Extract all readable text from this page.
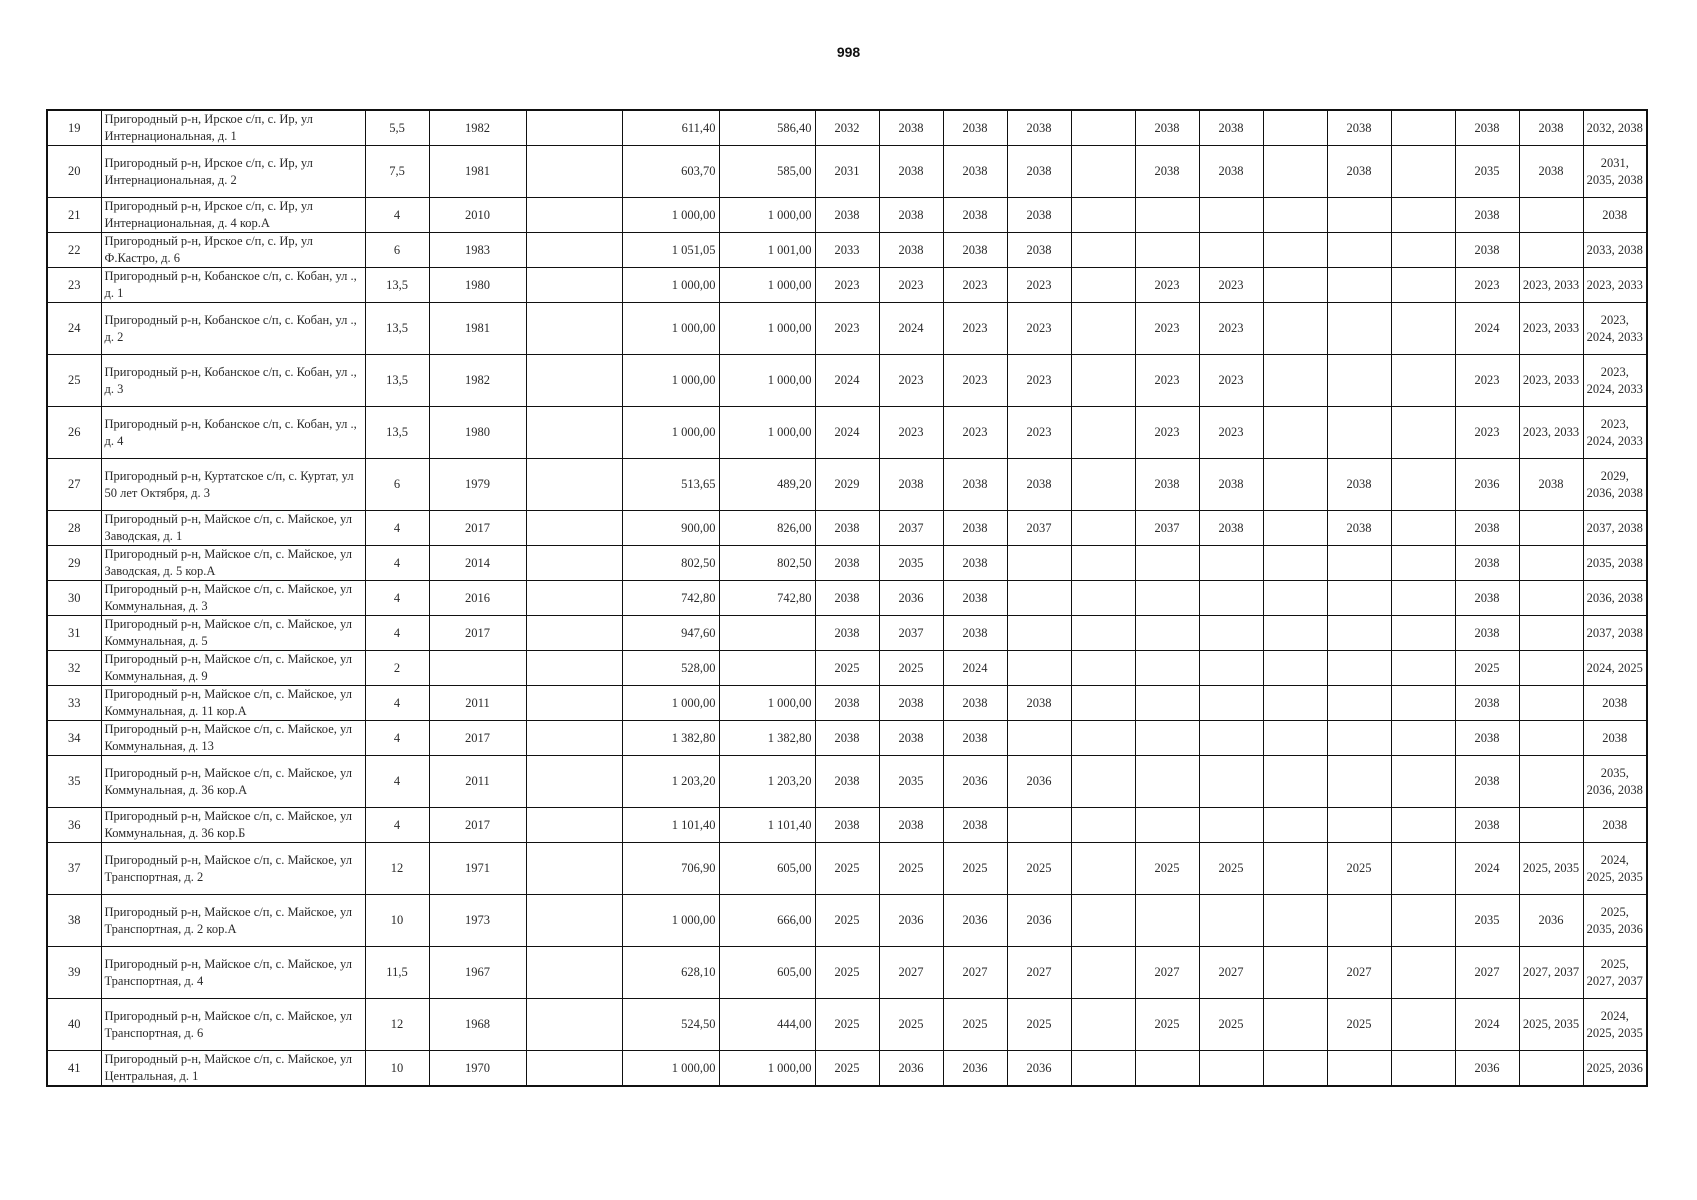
998
19	Пригородный р-н, Ирское с/п, с. Ир, ул Интернациональная, д. 1	5,5	1982		611,40	586,40	2032	2038	2038	2038		2038	2038		2038		2038	2038	2032, 2038
20	Пригородный р-н, Ирское с/п, с. Ир, ул Интернациональная, д. 2	7,5	1981		603,70	585,00	2031	2038	2038	2038		2038	2038		2038		2035	2038	2031, 2035, 2038
21	Пригородный р-н, Ирское с/п, с. Ир, ул Интернациональная, д. 4 кор.А	4	2010		1 000,00	1 000,00	2038	2038	2038	2038							2038		2038
22	Пригородный р-н, Ирское с/п, с. Ир, ул Ф.Кастро, д. 6	6	1983		1 051,05	1 001,00	2033	2038	2038	2038							2038		2033, 2038
23	Пригородный р-н, Кобанское с/п, с. Кобан, ул ., д. 1	13,5	1980		1 000,00	1 000,00	2023	2023	2023	2023		2023	2023				2023	2023, 2033	2023, 2033
24	Пригородный р-н, Кобанское с/п, с. Кобан, ул ., д. 2	13,5	1981		1 000,00	1 000,00	2023	2024	2023	2023		2023	2023				2024	2023, 2033	2023, 2024, 2033
25	Пригородный р-н, Кобанское с/п, с. Кобан, ул ., д. 3	13,5	1982		1 000,00	1 000,00	2024	2023	2023	2023		2023	2023				2023	2023, 2033	2023, 2024, 2033
26	Пригородный р-н, Кобанское с/п, с. Кобан, ул ., д. 4	13,5	1980		1 000,00	1 000,00	2024	2023	2023	2023		2023	2023				2023	2023, 2033	2023, 2024, 2033
27	Пригородный р-н, Куртатское с/п, с. Куртат, ул 50 лет Октября, д. 3	6	1979		513,65	489,20	2029	2038	2038	2038		2038	2038		2038		2036	2038	2029, 2036, 2038
28	Пригородный р-н, Майское с/п, с. Майское, ул Заводская, д. 1	4	2017		900,00	826,00	2038	2037	2038	2037		2037	2038		2038		2038		2037, 2038
29	Пригородный р-н, Майское с/п, с. Майское, ул Заводская, д. 5 кор.А	4	2014		802,50	802,50	2038	2035	2038								2038		2035, 2038
30	Пригородный р-н, Майское с/п, с. Майское, ул Коммунальная, д. 3	4	2016		742,80	742,80	2038	2036	2038								2038		2036, 2038
31	Пригородный р-н, Майское с/п, с. Майское, ул Коммунальная, д. 5	4	2017		947,60		2038	2037	2038								2038		2037, 2038
32	Пригородный р-н, Майское с/п, с. Майское, ул Коммунальная, д. 9	2			528,00		2025	2025	2024								2025		2024, 2025
33	Пригородный р-н, Майское с/п, с. Майское, ул Коммунальная, д. 11 кор.А	4	2011		1 000,00	1 000,00	2038	2038	2038	2038							2038		2038
34	Пригородный р-н, Майское с/п, с. Майское, ул Коммунальная, д. 13	4	2017		1 382,80	1 382,80	2038	2038	2038								2038		2038
35	Пригородный р-н, Майское с/п, с. Майское, ул Коммунальная, д. 36 кор.А	4	2011		1 203,20	1 203,20	2038	2035	2036	2036							2038		2035, 2036, 2038
36	Пригородный р-н, Майское с/п, с. Майское, ул Коммунальная, д. 36 кор.Б	4	2017		1 101,40	1 101,40	2038	2038	2038								2038		2038
37	Пригородный р-н, Майское с/п, с. Майское, ул Транспортная, д. 2	12	1971		706,90	605,00	2025	2025	2025	2025		2025	2025		2025		2024	2025, 2035	2024, 2025, 2035
38	Пригородный р-н, Майское с/п, с. Майское, ул Транспортная, д. 2 кор.А	10	1973		1 000,00	666,00	2025	2036	2036	2036							2035	2036	2025, 2035, 2036
39	Пригородный р-н, Майское с/п, с. Майское, ул Транспортная, д. 4	11,5	1967		628,10	605,00	2025	2027	2027	2027		2027	2027		2027		2027	2027, 2037	2025, 2027, 2037
40	Пригородный р-н, Майское с/п, с. Майское, ул Транспортная, д. 6	12	1968		524,50	444,00	2025	2025	2025	2025		2025	2025		2025		2024	2025, 2035	2024, 2025, 2035
41	Пригородный р-н, Майское с/п, с. Майское, ул Центральная, д. 1	10	1970		1 000,00	1 000,00	2025	2036	2036	2036							2036		2025, 2036
